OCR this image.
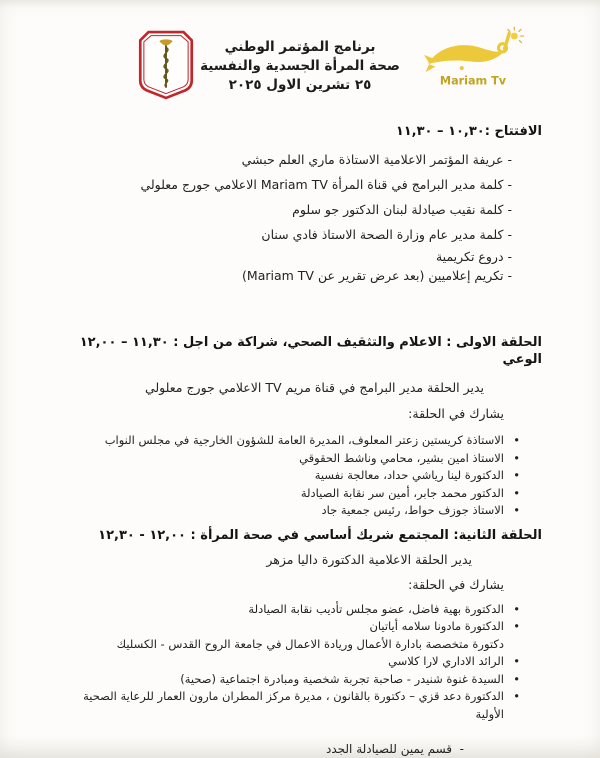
برنامج المؤتمر الوطني
صحة المرأة الجسدية والنفسية
٢٥ تشرين الاول ٢٠٢٥	Mariam Tv
١٠,٣٠ – ١١,٣٠: الافتتاح
- عريفة المؤتمر الاعلامية الاستاذة ماري العلم حبشي
- كلمة مدير البرامج في قناة المرأة Mariam TV الاعلامي جورج معلولي
- كلمة نقيب صيادلة لبنان الدكتور جو سلوم
- كلمة مدير عام وزارة الصحة الاستاذ فادي سنان
- دروع تكريمية
- تكريم إعلاميين (بعد عرض تقرير عن Mariam TV)
١١,٣٠ – ١٢,٠٠ : الحلقة الاولى : الاعلام والتثقيف الصحي، شراكة من اجل الوعي
يدير الحلقة مدير البرامج في قناة مريم TV الاعلامي جورج معلولي
يشارك في الحلقة:
• الاستاذة كريستين زعتر المعلوف، المديرة العامة للشؤون الخارجية في مجلس النواب
• الاستاذ امين بشير، محامي وناشط الحقوقي
• الدكتورة لينا رياشي حداد، معالجة نفسية
• الدكتور محمد جابر، أمين سر نقابة الصيادلة
• الاستاذ جوزف حواط، رئيس جمعية جاد
١٢,٠٠ - ١٢,٣٠ : الحلقة الثانية: المجتمع شريك أساسي في صحة المرأة
يدير الحلقة الاعلامية الدكتورة داليا مزهر
يشارك في الحلقة:
• الدكتورة بهية فاضل، عضو مجلس تأديب نقابة الصيادلة
• الدكتورة مادونا سلامه أياتيان
دكتورة متخصصة بادارة الأعمال وريادة الاعمال في جامعة الروح القدس - الكسليك
• الرائد الاداري لارا كلاسي
• السيدة غنوة شنيدر - صاحبة تجربة شخصية ومبادرة اجتماعية (صحية)
• الدكتورة دعد قزي – دكتورة بالقانون ، مديرة مركز المطران مارون العمار للرعاية الصحية الأولية
- قسم يمين للصيادلة الجدد
